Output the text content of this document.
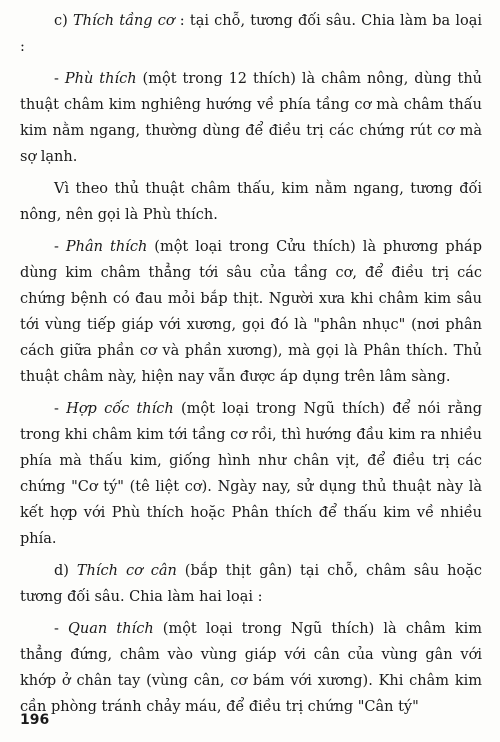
c) Thích tầng cơ : tại chỗ, tương đối sâu. Chia làm ba loại :

- Phù thích (một trong 12 thích) là châm nông, dùng thủ thuật châm kim nghiêng hướng về phía tầng cơ mà châm thấu kim nằm ngang, thường dùng để điều trị các chứng rút cơ mà sợ lạnh.

Vì theo thủ thuật châm thấu, kim nằm ngang, tương đối nông, nên gọi là Phù thích.

- Phân thích (một loại trong Cửu thích) là phương pháp dùng kim châm thẳng tới sâu của tầng cơ, để điều trị các chứng bệnh có đau mỏi bắp thịt. Người xưa khi châm kim sâu tới vùng tiếp giáp với xương, gọi đó là "phân nhục" (nơi phân cách giữa phần cơ và phần xương), mà gọi là Phân thích. Thủ thuật châm này, hiện nay vẫn được áp dụng trên lâm sàng.

- Hợp cốc thích (một loại trong Ngũ thích) để nói rằng trong khi châm kim tới tầng cơ rồi, thì hướng đầu kim ra nhiều phía mà thấu kim, giống hình như chân vịt, để điều trị các chứng "Cơ tý" (tê liệt cơ). Ngày nay, sử dụng thủ thuật này là kết hợp với Phù thích hoặc Phân thích để thấu kim về nhiều phía.

d) Thích cơ cân (bắp thịt gân) tại chỗ, châm sâu hoặc tương đối sâu. Chia làm hai loại :

- Quan thích (một loại trong Ngũ thích) là châm kim thẳng đứng, châm vào vùng giáp với cân của vùng gân với khớp ở chân tay (vùng cân, cơ bám với xương). Khi châm kim cần phòng tránh chảy máu, để điều trị chứng "Cân tý"

196
